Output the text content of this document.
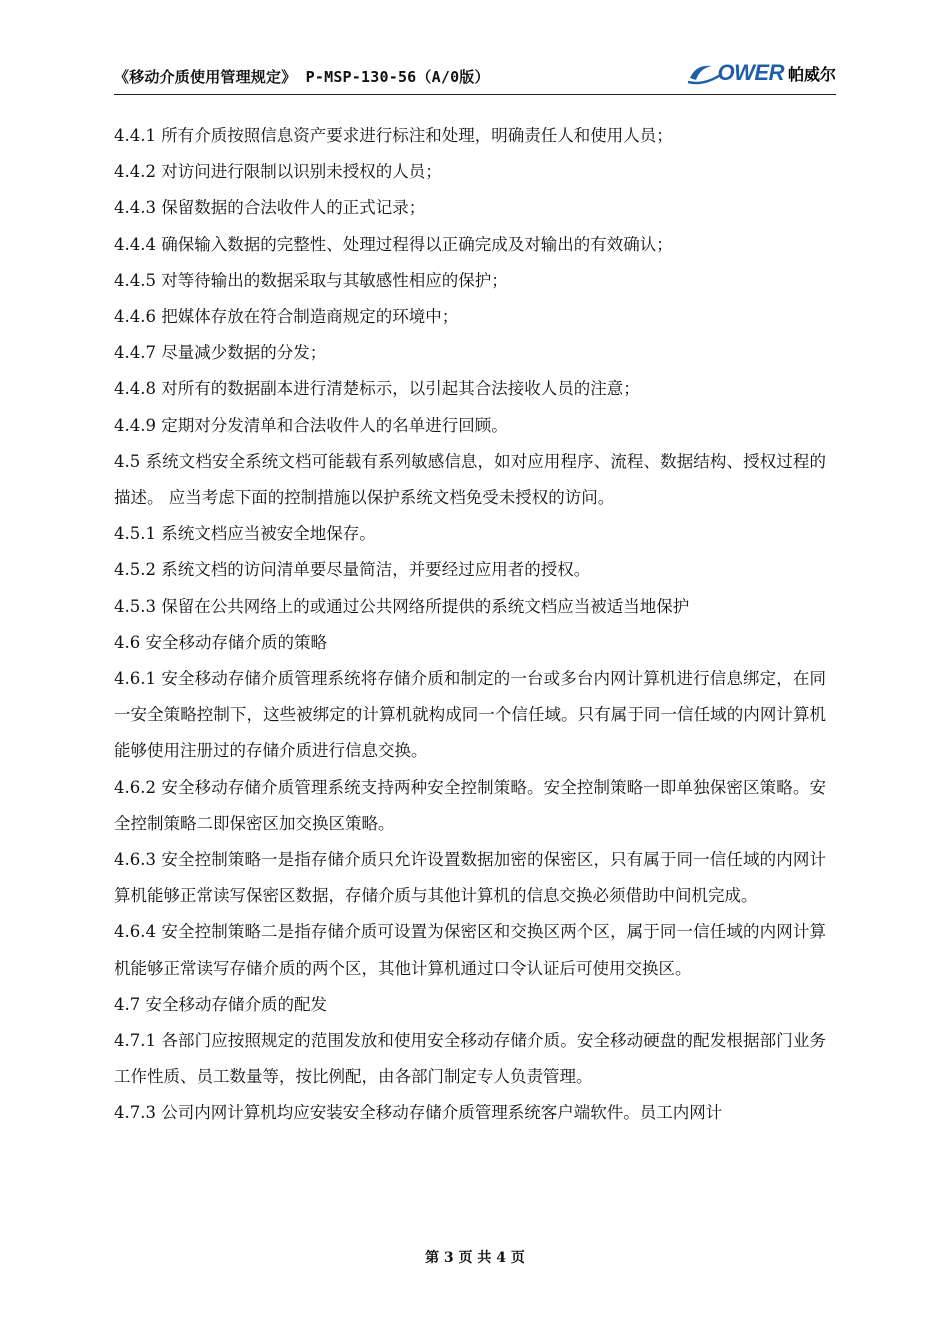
《移动介质使用管理规定》 P-MSP-130-56（A/0版）	OWER 帕威尔

4.4.1 所有介质按照信息资产要求进行标注和处理，明确责任人和使用人员；

4.4.2 对访问进行限制以识别未授权的人员；

4.4.3 保留数据的合法收件人的正式记录；

4.4.4 确保输入数据的完整性、处理过程得以正确完成及对输出的有效确认；

4.4.5 对等待输出的数据采取与其敏感性相应的保护；

4.4.6 把媒体存放在符合制造商规定的环境中；

4.4.7 尽量减少数据的分发；

4.4.8 对所有的数据副本进行清楚标示，以引起其合法接收人员的注意；

4.4.9 定期对分发清单和合法收件人的名单进行回顾。

4.5 系统文档安全系统文档可能载有系列敏感信息，如对应用程序、流程、数据结构、授权过程的描述。 应当考虑下面的控制措施以保护系统文档免受未授权的访问。

4.5.1 系统文档应当被安全地保存。

4.5.2 系统文档的访问清单要尽量简洁，并要经过应用者的授权。

4.5.3 保留在公共网络上的或通过公共网络所提供的系统文档应当被适当地保护

4.6 安全移动存储介质的策略

4.6.1 安全移动存储介质管理系统将存储介质和制定的一台或多台内网计算机进行信息绑定，在同一安全策略控制下，这些被绑定的计算机就构成同一个信任域。只有属于同一信任域的内网计算机能够使用注册过的存储介质进行信息交换。

4.6.2 安全移动存储介质管理系统支持两种安全控制策略。安全控制策略一即单独保密区策略。安全控制策略二即保密区加交换区策略。

4.6.3 安全控制策略一是指存储介质只允许设置数据加密的保密区，只有属于同一信任域的内网计算机能够正常读写保密区数据，存储介质与其他计算机的信息交换必须借助中间机完成。

4.6.4 安全控制策略二是指存储介质可设置为保密区和交换区两个区，属于同一信任域的内网计算机能够正常读写存储介质的两个区，其他计算机通过口令认证后可使用交换区。

4.7 安全移动存储介质的配发

4.7.1 各部门应按照规定的范围发放和使用安全移动存储介质。安全移动硬盘的配发根据部门业务工作性质、员工数量等，按比例配，由各部门制定专人负责管理。

4.7.3 公司内网计算机均应安装安全移动存储介质管理系统客户端软件。员工内网计

第 3 页 共 4 页
